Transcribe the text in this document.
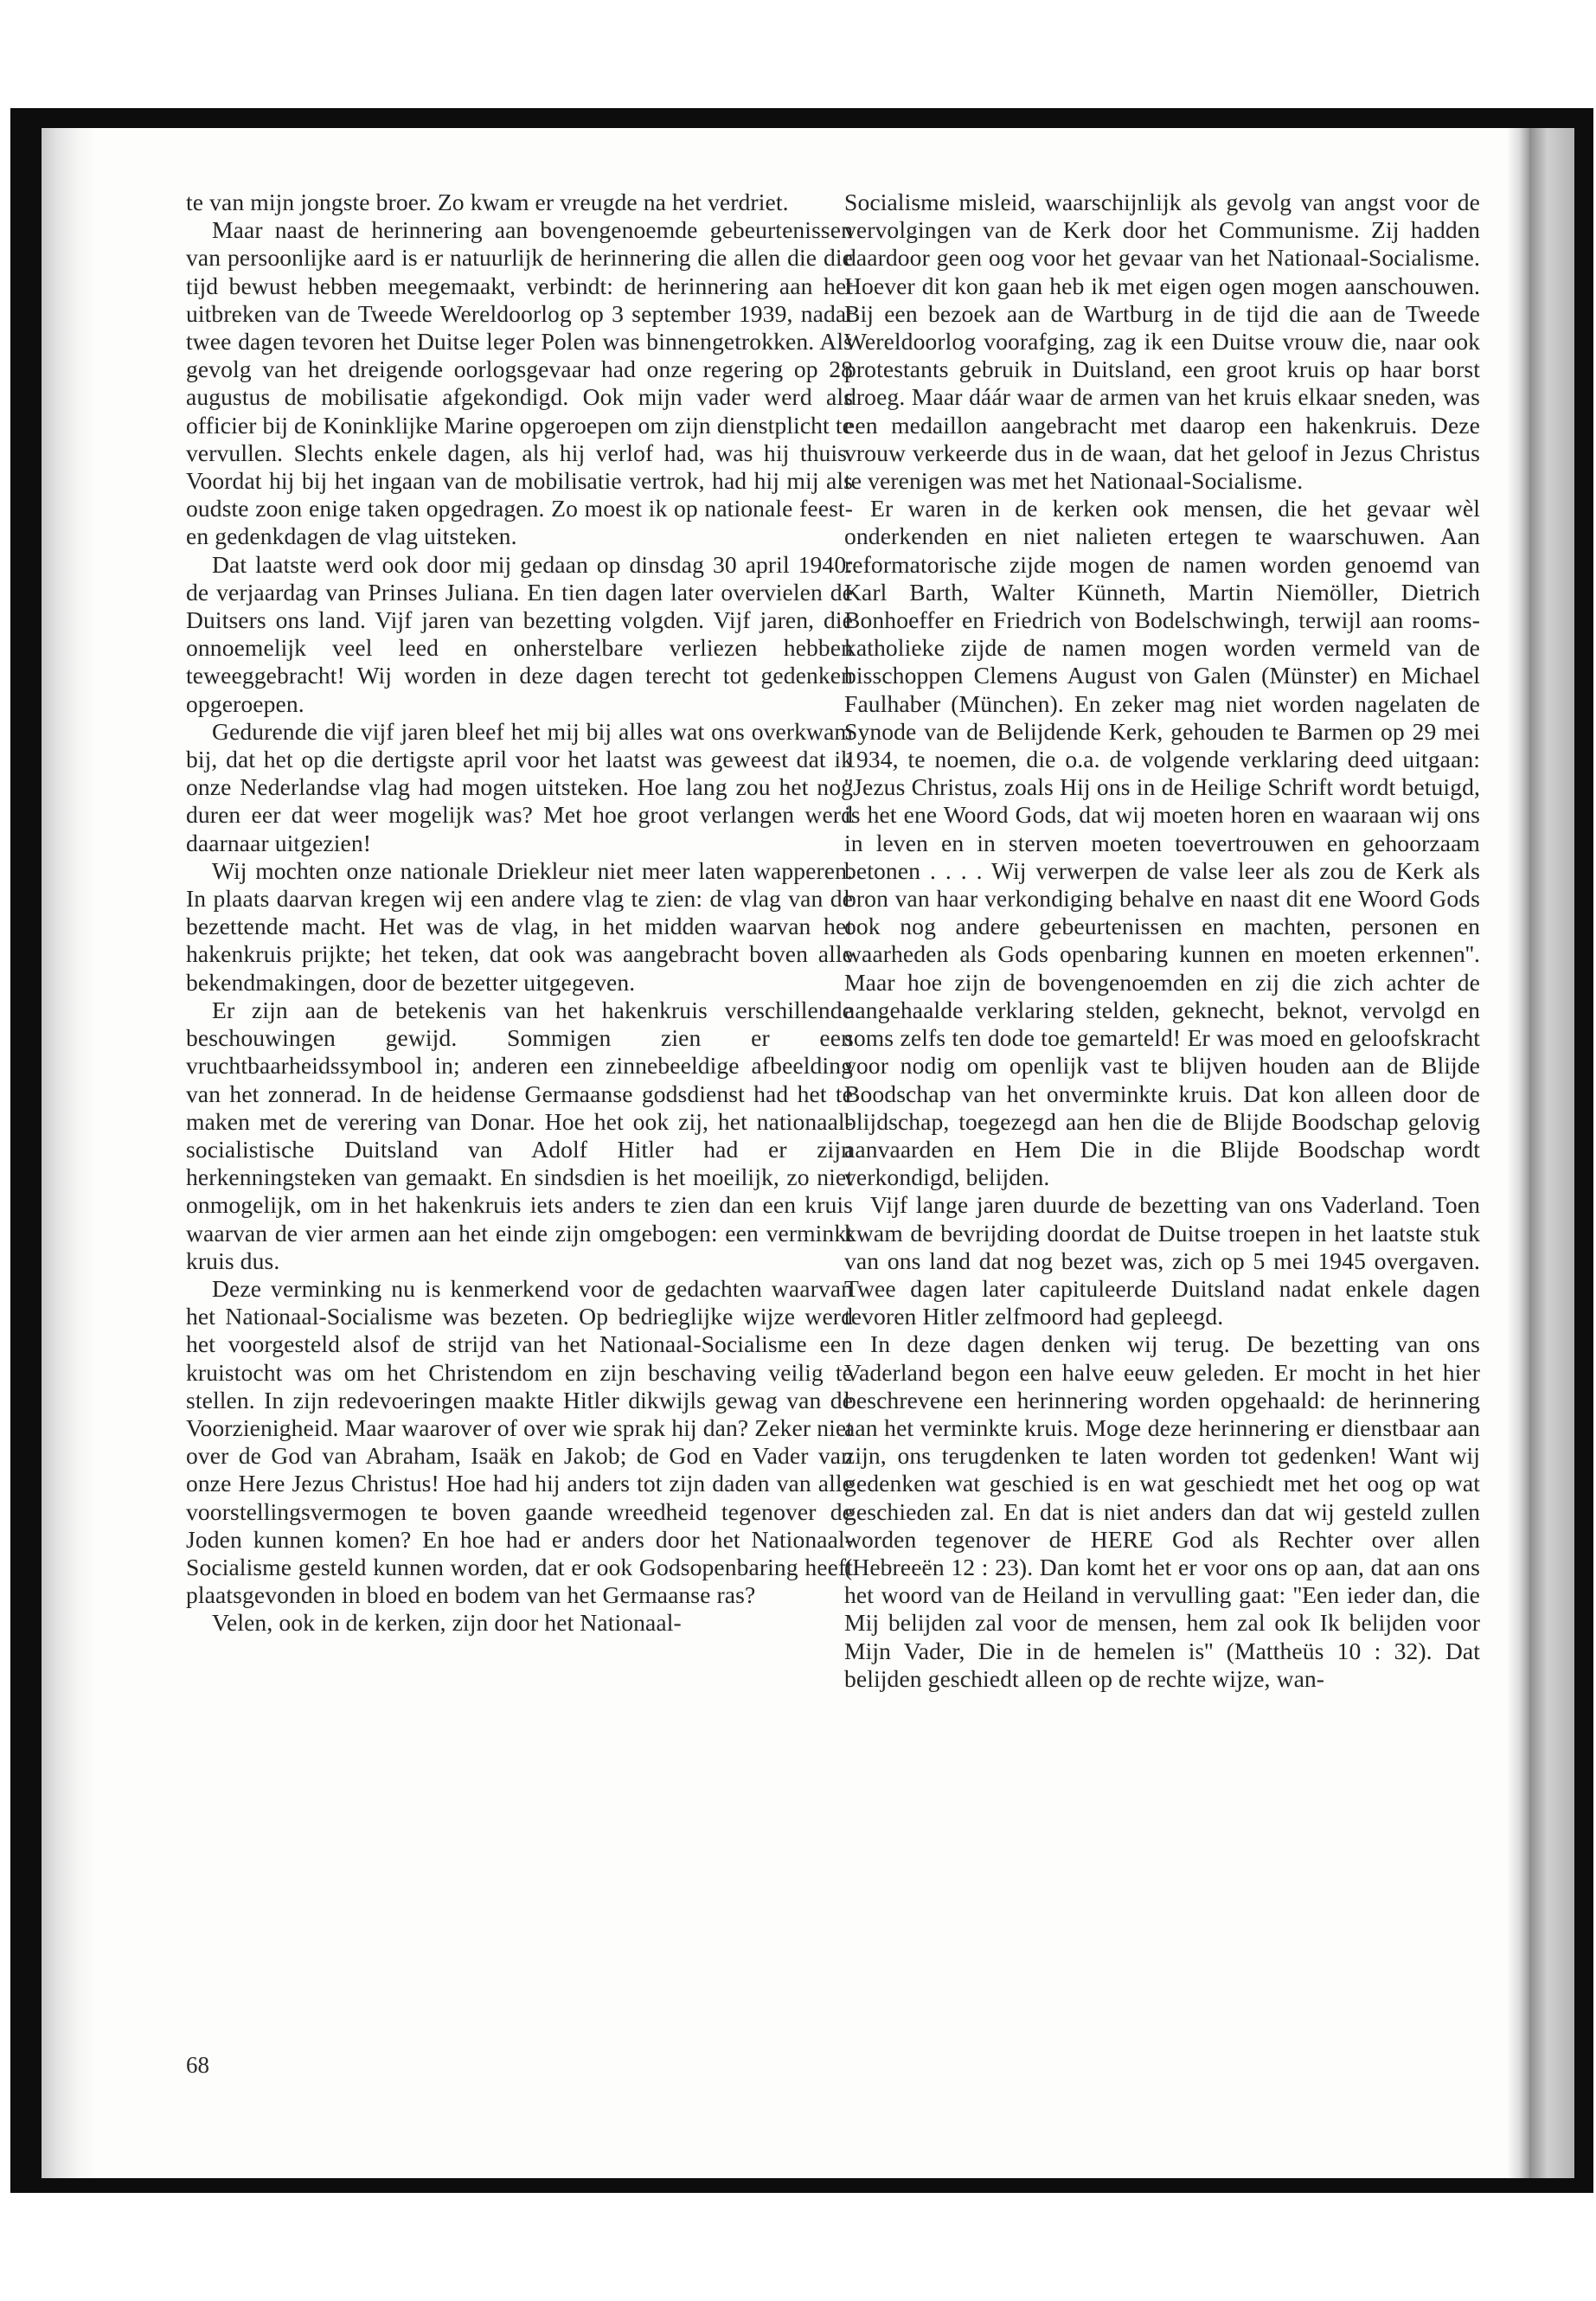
te van mijn jongste broer. Zo kwam er vreugde na het verdriet.

Maar naast de herinnering aan bovengenoemde gebeurtenissen van persoonlijke aard is er natuurlijk de herinnering die allen die die tijd bewust hebben meegemaakt, verbindt: de herinnering aan het uitbreken van de Tweede Wereldoorlog op 3 september 1939, nadat twee dagen tevoren het Duitse leger Polen was binnengetrokken. Als gevolg van het dreigende oorlogsgevaar had onze regering op 28 augustus de mobilisatie afgekondigd. Ook mijn vader werd als officier bij de Koninklijke Marine opgeroepen om zijn dienstplicht te vervullen. Slechts enkele dagen, als hij verlof had, was hij thuis. Voordat hij bij het ingaan van de mobilisatie vertrok, had hij mij als oudste zoon enige taken opgedragen. Zo moest ik op nationale feest- en gedenkdagen de vlag uitsteken.

Dat laatste werd ook door mij gedaan op dinsdag 30 april 1940: de verjaardag van Prinses Juliana. En tien dagen later overvielen de Duitsers ons land. Vijf jaren van bezetting volgden. Vijf jaren, die onnoemelijk veel leed en onherstelbare verliezen hebben teweeggebracht! Wij worden in deze dagen terecht tot gedenken opgeroepen.

Gedurende die vijf jaren bleef het mij bij alles wat ons overkwam bij, dat het op die dertigste april voor het laatst was geweest dat ik onze Nederlandse vlag had mogen uitsteken. Hoe lang zou het nog duren eer dat weer mogelijk was? Met hoe groot verlangen werd daarnaar uitgezien!

Wij mochten onze nationale Driekleur niet meer laten wapperen. In plaats daarvan kregen wij een andere vlag te zien: de vlag van de bezettende macht. Het was de vlag, in het midden waarvan het hakenkruis prijkte; het teken, dat ook was aangebracht boven alle bekendmakingen, door de bezetter uitgegeven.

Er zijn aan de betekenis van het hakenkruis verschillende beschouwingen gewijd. Sommigen zien er een vruchtbaarheidssymbool in; anderen een zinnebeeldige afbeelding van het zonnerad. In de heidense Germaanse godsdienst had het te maken met de verering van Donar. Hoe het ook zij, het nationaal-socialistische Duitsland van Adolf Hitler had er zijn herkenningsteken van gemaakt. En sindsdien is het moeilijk, zo niet onmogelijk, om in het hakenkruis iets anders te zien dan een kruis waarvan de vier armen aan het einde zijn omgebogen: een verminkt kruis dus.

Deze verminking nu is kenmerkend voor de gedachten waarvan het Nationaal-Socialisme was bezeten. Op bedrieglijke wijze werd het voorgesteld alsof de strijd van het Nationaal-Socialisme een kruistocht was om het Christendom en zijn beschaving veilig te stellen. In zijn redevoeringen maakte Hitler dikwijls gewag van de Voorzienigheid. Maar waarover of over wie sprak hij dan? Zeker niet over de God van Abraham, Isaäk en Jakob; de God en Vader van onze Here Jezus Christus! Hoe had hij anders tot zijn daden van alle voorstellingsvermogen te boven gaande wreedheid tegenover de Joden kunnen komen? En hoe had er anders door het Nationaal-Socialisme gesteld kunnen worden, dat er ook Godsopenbaring heeft plaatsgevonden in bloed en bodem van het Germaanse ras?

Velen, ook in de kerken, zijn door het Nationaal-

Socialisme misleid, waarschijnlijk als gevolg van angst voor de vervolgingen van de Kerk door het Communisme. Zij hadden daardoor geen oog voor het gevaar van het Nationaal-Socialisme. Hoever dit kon gaan heb ik met eigen ogen mogen aanschouwen. Bij een bezoek aan de Wartburg in de tijd die aan de Tweede Wereldoorlog voorafging, zag ik een Duitse vrouw die, naar ook protestants gebruik in Duitsland, een groot kruis op haar borst droeg. Maar dáár waar de armen van het kruis elkaar sneden, was een medaillon aangebracht met daarop een hakenkruis. Deze vrouw verkeerde dus in de waan, dat het geloof in Jezus Christus te verenigen was met het Nationaal-Socialisme.

Er waren in de kerken ook mensen, die het gevaar wèl onderkenden en niet nalieten ertegen te waarschuwen. Aan reformatorische zijde mogen de namen worden genoemd van Karl Barth, Walter Künneth, Martin Niemöller, Dietrich Bonhoeffer en Friedrich von Bodelschwingh, terwijl aan rooms-katholieke zijde de namen mogen worden vermeld van de bisschoppen Clemens August von Galen (Münster) en Michael Faulhaber (München). En zeker mag niet worden nagelaten de Synode van de Belijdende Kerk, gehouden te Barmen op 29 mei 1934, te noemen, die o.a. de volgende verklaring deed uitgaan: ''Jezus Christus, zoals Hij ons in de Heilige Schrift wordt betuigd, is het ene Woord Gods, dat wij moeten horen en waaraan wij ons in leven en in sterven moeten toevertrouwen en gehoorzaam betonen . . . . Wij verwerpen de valse leer als zou de Kerk als bron van haar verkondiging behalve en naast dit ene Woord Gods ook nog andere gebeurtenissen en machten, personen en waarheden als Gods openbaring kunnen en moeten erkennen''. Maar hoe zijn de bovengenoemden en zij die zich achter de aangehaalde verklaring stelden, geknecht, beknot, vervolgd en soms zelfs ten dode toe gemarteld! Er was moed en geloofskracht voor nodig om openlijk vast te blijven houden aan de Blijde Boodschap van het onverminkte kruis. Dat kon alleen door de blijdschap, toegezegd aan hen die de Blijde Boodschap gelovig aanvaarden en Hem Die in die Blijde Boodschap wordt verkondigd, belijden.

Vijf lange jaren duurde de bezetting van ons Vaderland. Toen kwam de bevrijding doordat de Duitse troepen in het laatste stuk van ons land dat nog bezet was, zich op 5 mei 1945 overgaven. Twee dagen later capituleerde Duitsland nadat enkele dagen tevoren Hitler zelfmoord had gepleegd.

In deze dagen denken wij terug. De bezetting van ons Vaderland begon een halve eeuw geleden. Er mocht in het hier beschrevene een herinnering worden opgehaald: de herinnering aan het verminkte kruis. Moge deze herinnering er dienstbaar aan zijn, ons terugdenken te laten worden tot gedenken! Want wij gedenken wat geschied is en wat geschiedt met het oog op wat geschieden zal. En dat is niet anders dan dat wij gesteld zullen worden tegenover de HERE God als Rechter over allen (Hebreeën 12 : 23). Dan komt het er voor ons op aan, dat aan ons het woord van de Heiland in vervulling gaat: ''Een ieder dan, die Mij belijden zal voor de mensen, hem zal ook Ik belijden voor Mijn Vader, Die in de hemelen is'' (Mattheüs 10 : 32). Dat belijden geschiedt alleen op de rechte wijze, wan-

68
